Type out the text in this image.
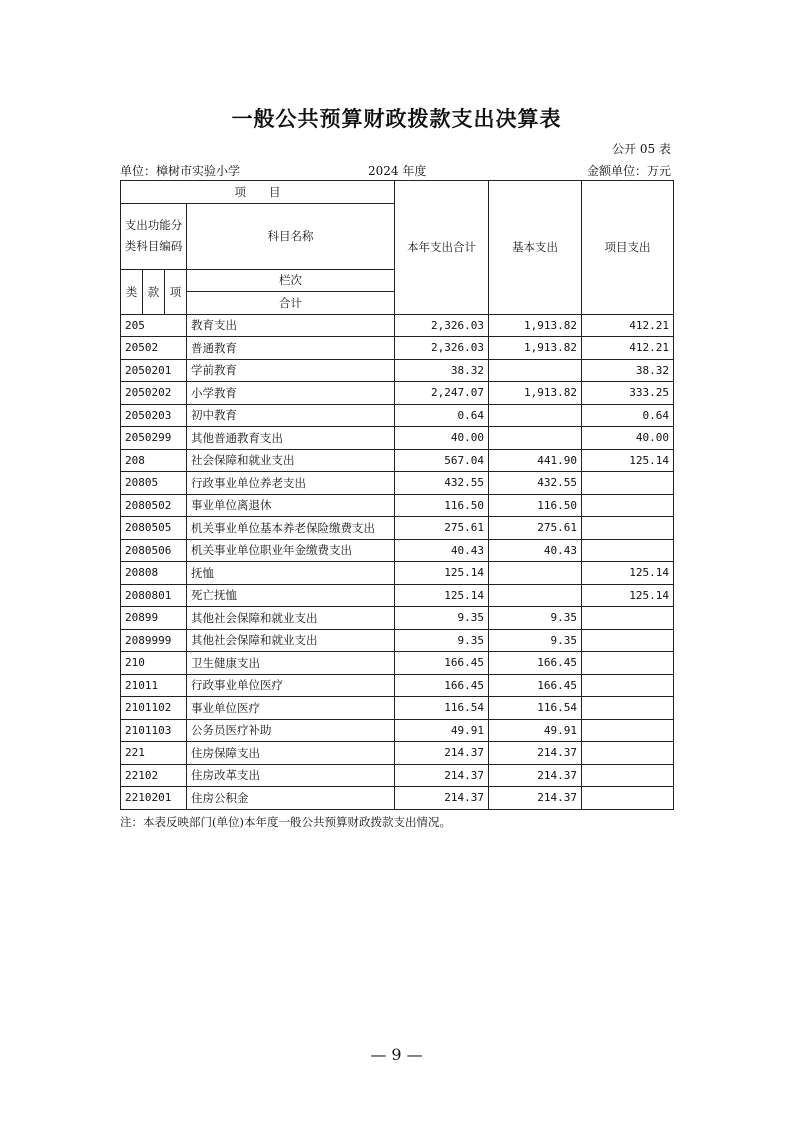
一般公共预算财政拨款支出决算表
公开 05 表
单位：樟树市实验小学	2024 年度	金额单位：万元
项　　目				本年支出合计	基本支出	项目支出	
支出功能分类科目编码			科目名称				
类	款	项	栏次			
			合计			
205			教育支出	2,326.03	1,913.82	412.21	
20502			普通教育	2,326.03	1,913.82	412.21	
2050201			学前教育	38.32		38.32	
2050202			小学教育	2,247.07	1,913.82	333.25	
2050203			初中教育	0.64		0.64	
2050299			其他普通教育支出	40.00		40.00	
208			社会保障和就业支出	567.04	441.90	125.14	
20805			行政事业单位养老支出	432.55	432.55		
2080502			事业单位离退休	116.50	116.50		
2080505			机关事业单位基本养老保险缴费支出	275.61	275.61		
2080506			机关事业单位职业年金缴费支出	40.43	40.43		
20808			抚恤	125.14		125.14	
2080801			死亡抚恤	125.14		125.14	
20899			其他社会保障和就业支出	9.35	9.35		
2089999			其他社会保障和就业支出	9.35	9.35		
210			卫生健康支出	166.45	166.45		
21011			行政事业单位医疗	166.45	166.45		
2101102			事业单位医疗	116.54	116.54		
2101103			公务员医疗补助	49.91	49.91		
221			住房保障支出	214.37	214.37		
22102			住房改革支出	214.37	214.37		
2210201			住房公积金	214.37	214.37		
注：本表反映部门(单位)本年度一般公共预算财政拨款支出情况。
— 9 —
